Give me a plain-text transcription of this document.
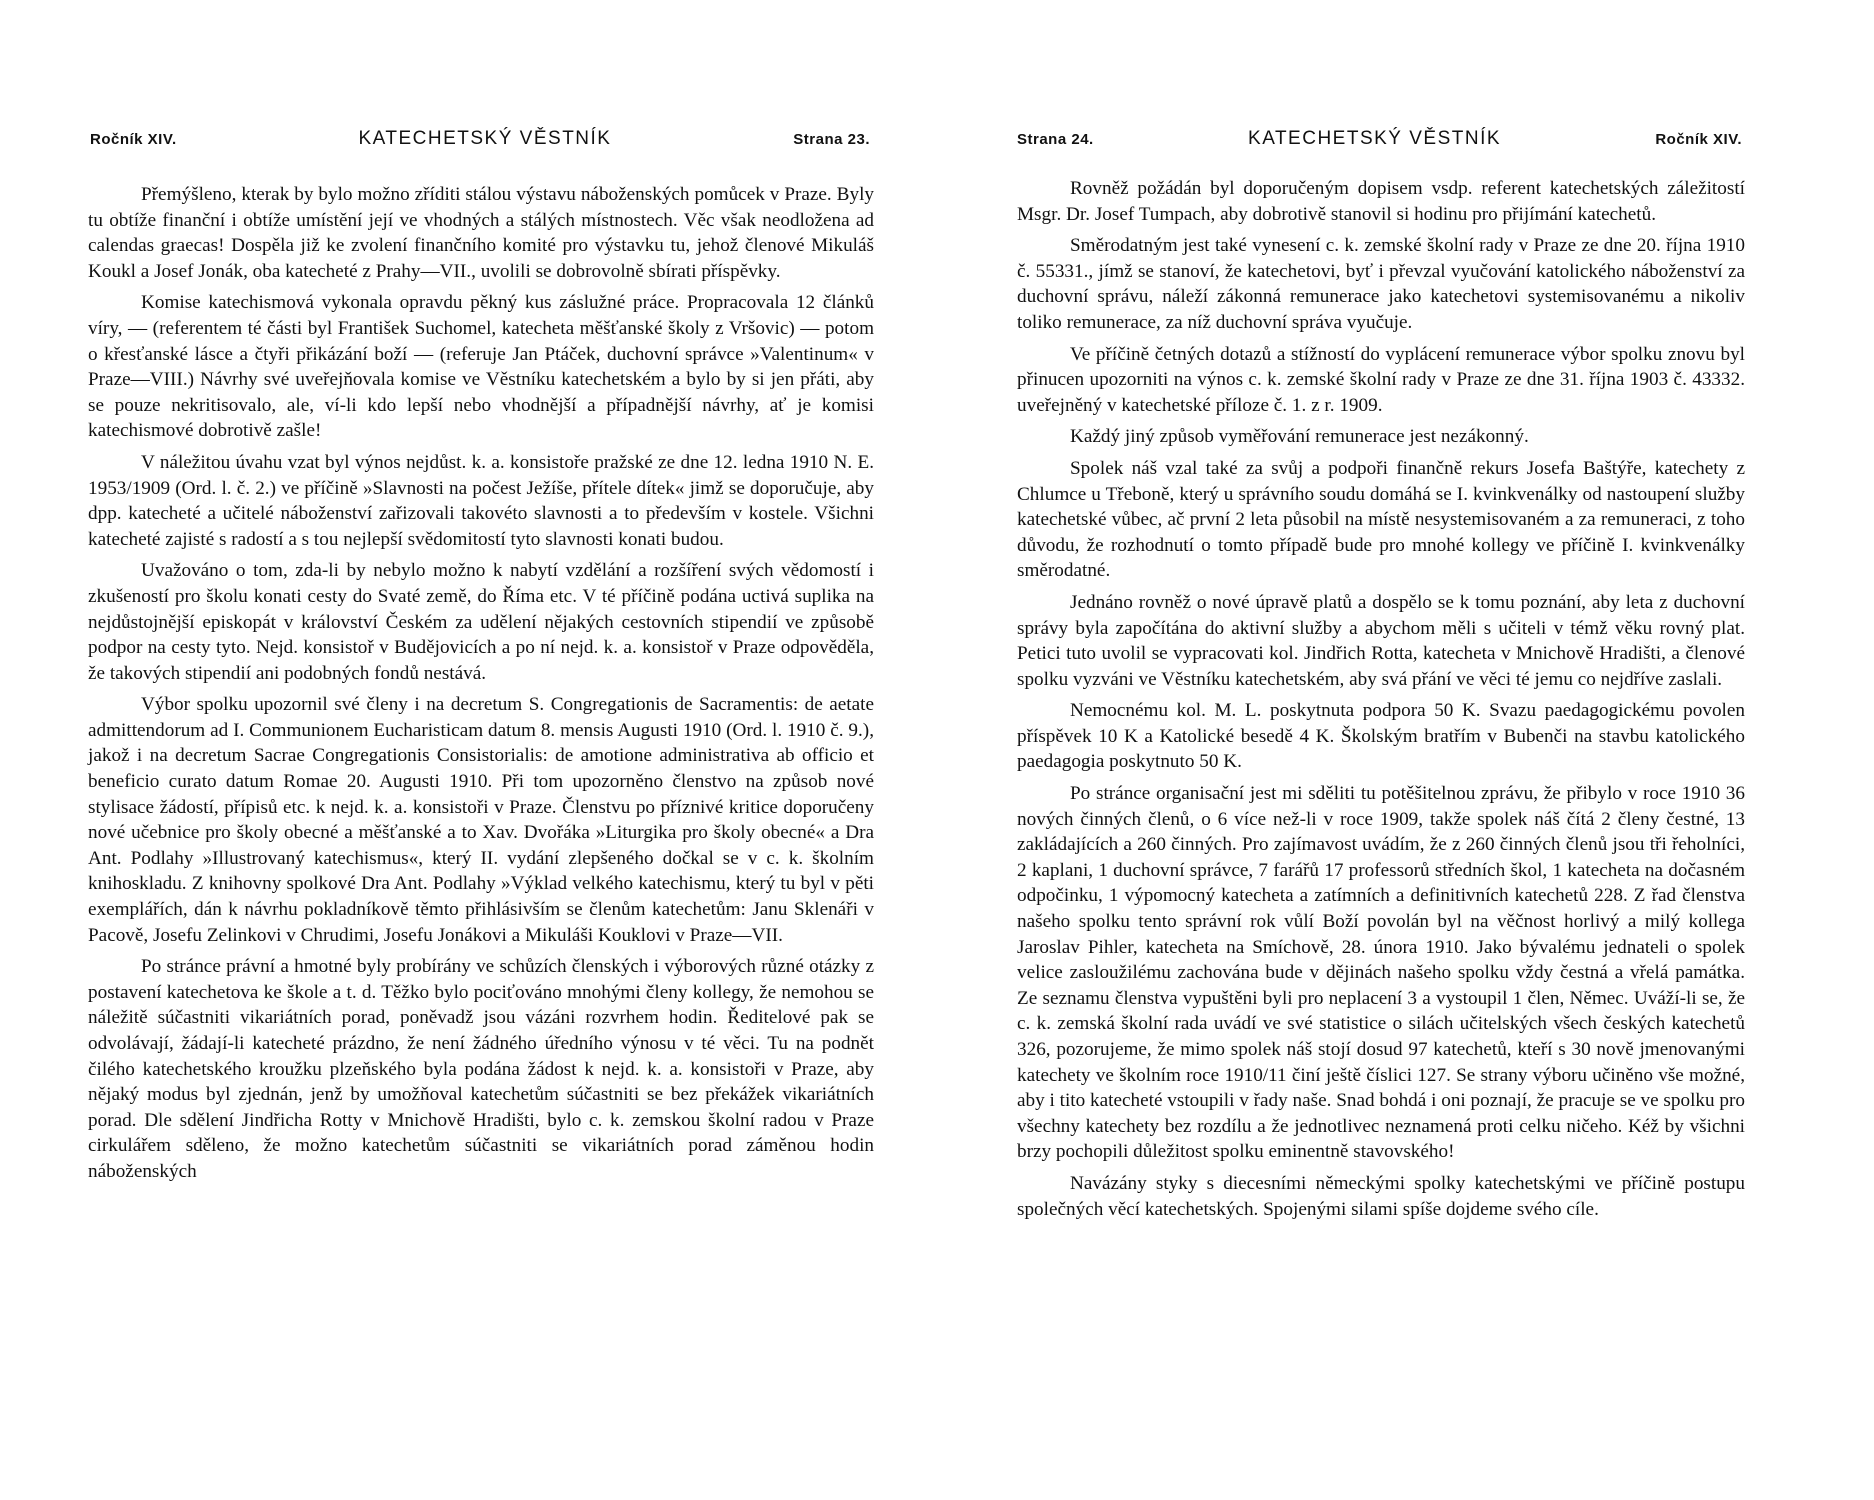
Ročník XIV.	KATECHETSKÝ VĚSTNÍK	Strana 23.

Přemýšleno, kterak by bylo možno zříditi stálou výstavu náboženských pomůcek v Praze. Byly tu obtíže finanční i obtíže umístění její ve vhodných a stálých místnostech. Věc však neodložena ad calendas graecas! Dospěla již ke zvolení finančního komité pro výstavku tu, jehož členové Mikuláš Koukl a Josef Jonák, oba katecheté z Prahy—VII., uvolili se dobrovolně sbírati příspěvky.

Komise katechismová vykonala opravdu pěkný kus záslužné práce. Propracovala 12 článků víry, — (referentem té části byl František Suchomel, katecheta měšťanské školy z Vršovic) — potom o křesťanské lásce a čtyři přikázání boží — (referuje Jan Ptáček, duchovní správce »Valentinum« v Praze—VIII.) Návrhy své uveřejňovala komise ve Věstníku katechetském a bylo by si jen přáti, aby se pouze nekritisovalo, ale, ví-li kdo lepší nebo vhodnější a případnější návrhy, ať je komisi katechismové dobrotivě zašle!

V náležitou úvahu vzat byl výnos nejdůst. k. a. konsistoře pražské ze dne 12. ledna 1910 N. E. 1953/1909 (Ord. l. č. 2.) ve příčině »Slavnosti na počest Ježíše, přítele dítek« jimž se doporučuje, aby dpp. katecheté a učitelé náboženství zařizovali takovéto slavnosti a to především v kostele. Všichni katecheté zajisté s radostí a s tou nejlepší svědomitostí tyto slavnosti konati budou.

Uvažováno o tom, zda-li by nebylo možno k nabytí vzdělání a rozšíření svých vědomostí i zkušeností pro školu konati cesty do Svaté země, do Říma etc. V té příčině podána uctivá suplika na nejdůstojnější episkopát v království Českém za udělení nějakých cestovních stipendií ve způsobě podpor na cesty tyto. Nejd. konsistoř v Budějovicích a po ní nejd. k. a. konsistoř v Praze odpověděla, že takových stipendií ani podobných fondů nestává.

Výbor spolku upozornil své členy i na decretum S. Congregationis de Sacramentis: de aetate admittendorum ad I. Communionem Eucharisticam datum 8. mensis Augusti 1910 (Ord. l. 1910 č. 9.), jakož i na decretum Sacrae Congregationis Consistorialis: de amotione administrativa ab officio et beneficio curato datum Romae 20. Augusti 1910. Při tom upozorněno členstvo na způsob nové stylisace žádostí, přípisů etc. k nejd. k. a. konsistoři v Praze. Členstvu po příznivé kritice doporučeny nové učebnice pro školy obecné a měšťanské a to Xav. Dvořáka »Liturgika pro školy obecné« a Dra Ant. Podlahy »Illustrovaný katechismus«, který II. vydání zlepšeného dočkal se v c. k. školním knihoskladu. Z knihovny spolkové Dra Ant. Podlahy »Výklad velkého katechismu, který tu byl v pěti exemplářích, dán k návrhu pokladníkově těmto přihlásivším se členům katechetům: Janu Sklenáři v Pacově, Josefu Zelinkovi v Chrudimi, Josefu Jonákovi a Mikuláši Kouklovi v Praze—VII.

Po stránce právní a hmotné byly probírány ve schůzích členských i výborových různé otázky z postavení katechetova ke škole a t. d. Těžko bylo pociťováno mnohými členy kollegy, že nemohou se náležitě súčastniti vikariátních porad, poněvadž jsou vázáni rozvrhem hodin. Ředitelové pak se odvolávají, žádají-li katecheté prázdno, že není žádného úředního výnosu v té věci. Tu na podnět čilého katechetského kroužku plzeňského byla podána žádost k nejd. k. a. konsistoři v Praze, aby nějaký modus byl zjednán, jenž by umožňoval katechetům súčastniti se bez překážek vikariátních porad. Dle sdělení Jindřicha Rotty v Mnichově Hradišti, bylo c. k. zemskou školní radou v Praze cirkulářem sděleno, že možno katechetům súčastniti se vikariátních porad záměnou hodin náboženských

Strana 24.	KATECHETSKÝ VĚSTNÍK	Ročník XIV.

Rovněž požádán byl doporučeným dopisem vsdp. referent katechetských záležitostí Msgr. Dr. Josef Tumpach, aby dobrotivě stanovil si hodinu pro přijímání katechetů.

Směrodatným jest také vynesení c. k. zemské školní rady v Praze ze dne 20. října 1910 č. 55331., jímž se stanoví, že katechetovi, byť i převzal vyučování katolického náboženství za duchovní správu, náleží zákonná remunerace jako katechetovi systemisovanému a nikoliv toliko remunerace, za níž duchovní správa vyučuje.

Ve příčině četných dotazů a stížností do vyplácení remunerace výbor spolku znovu byl přinucen upozorniti na výnos c. k. zemské školní rady v Praze ze dne 31. října 1903 č. 43332. uveřejněný v katechetské příloze č. 1. z r. 1909.

Každý jiný způsob vyměřování remunerace jest nezákonný.

Spolek náš vzal také za svůj a podpoři finančně rekurs Josefa Baštýře, katechety z Chlumce u Třeboně, který u správního soudu domáhá se I. kvinkvenálky od nastoupení služby katechetské vůbec, ač první 2 leta působil na místě nesystemisovaném a za remuneraci, z toho důvodu, že rozhodnutí o tomto případě bude pro mnohé kollegy ve příčině I. kvinkvenálky směrodatné.

Jednáno rovněž o nové úpravě platů a dospělo se k tomu poznání, aby leta z duchovní správy byla započítána do aktivní služby a abychom měli s učiteli v témž věku rovný plat. Petici tuto uvolil se vypracovati kol. Jindřich Rotta, katecheta v Mnichově Hradišti, a členové spolku vyzváni ve Věstníku katechetském, aby svá přání ve věci té jemu co nejdříve zaslali.

Nemocnému kol. M. L. poskytnuta podpora 50 K. Svazu paedagogickému povolen příspěvek 10 K a Katolické besedě 4 K. Školským bratřím v Bubenči na stavbu katolického paedagogia poskytnuto 50 K.

Po stránce organisační jest mi sděliti tu potěšitelnou zprávu, že přibylo v roce 1910 36 nových činných členů, o 6 více než-li v roce 1909, takže spolek náš čítá 2 členy čestné, 13 zakládajících a 260 činných. Pro zajímavost uvádím, že z 260 činných členů jsou tři řeholníci, 2 kaplani, 1 duchovní správce, 7 farářů 17 professorů středních škol, 1 katecheta na dočasném odpočinku, 1 výpomocný katecheta a zatímních a definitivních katechetů 228. Z řad členstva našeho spolku tento správní rok vůlí Boží povolán byl na věčnost horlivý a milý kollega Jaroslav Pihler, katecheta na Smíchově, 28. února 1910. Jako bývalému jednateli o spolek velice zasloužilému zachována bude v dějinách našeho spolku vždy čestná a vřelá památka. Ze seznamu členstva vypuštěni byli pro neplacení 3 a vystoupil 1 člen, Němec. Uváží-li se, že c. k. zemská školní rada uvádí ve své statistice o silách učitelských všech českých katechetů 326, pozorujeme, že mimo spolek náš stojí dosud 97 katechetů, kteří s 30 nově jmenovanými katechety ve školním roce 1910/11 činí ještě číslici 127. Se strany výboru učiněno vše možné, aby i tito katecheté vstoupili v řady naše. Snad bohdá i oni poznají, že pracuje se ve spolku pro všechny katechety bez rozdílu a že jednotlivec neznamená proti celku ničeho. Kéž by všichni brzy pochopili důležitost spolku eminentně stavovského!

Navázány styky s diecesními německými spolky katechetskými ve příčině postupu společných věcí katechetských. Spojenými silami spíše dojdeme svého cíle.
